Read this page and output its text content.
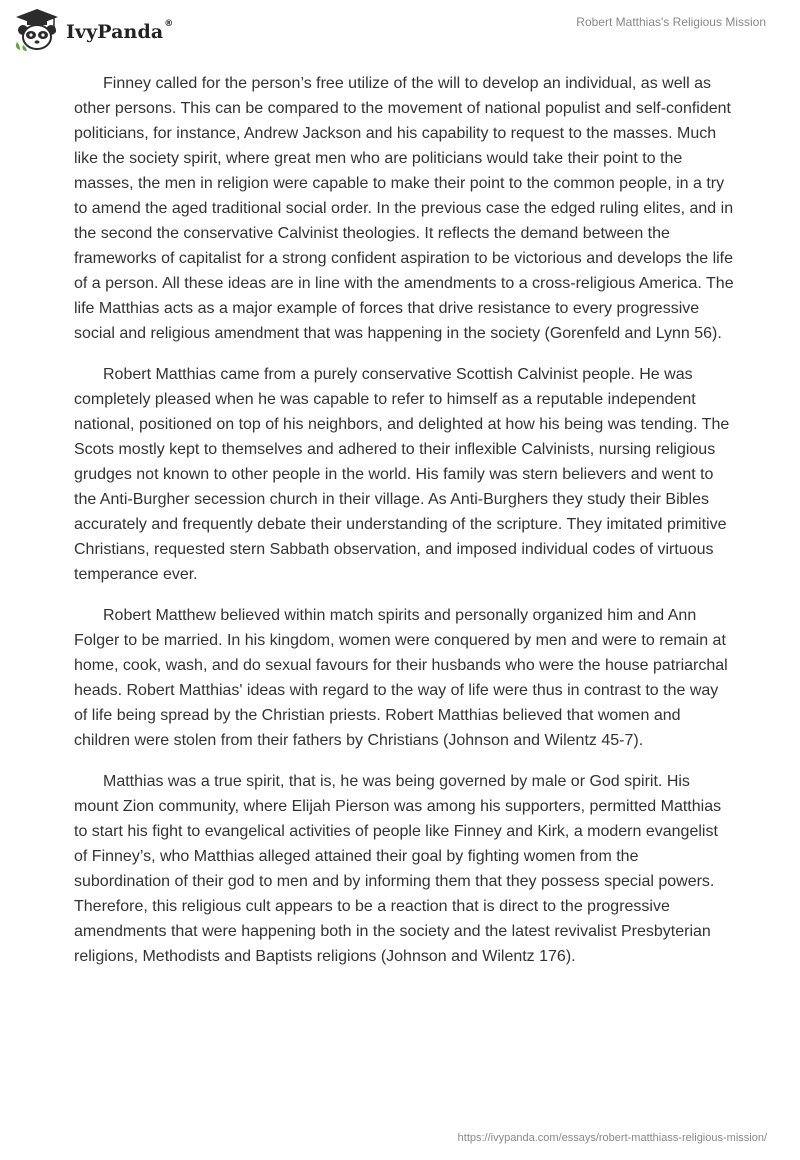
IvyPanda®	Robert Matthias's Religious Mission

Finney called for the person’s free utilize of the will to develop an individual, as well as other persons. This can be compared to the movement of national populist and self-confident politicians, for instance, Andrew Jackson and his capability to request to the masses. Much like the society spirit, where great men who are politicians would take their point to the masses, the men in religion were capable to make their point to the common people, in a try to amend the aged traditional social order. In the previous case the edged ruling elites, and in the second the conservative Calvinist theologies. It reflects the demand between the frameworks of capitalist for a strong confident aspiration to be victorious and develops the life of a person. All these ideas are in line with the amendments to a cross-religious America. The life Matthias acts as a major example of forces that drive resistance to every progressive social and religious amendment that was happening in the society (Gorenfeld and Lynn 56).

Robert Matthias came from a purely conservative Scottish Calvinist people. He was completely pleased when he was capable to refer to himself as a reputable independent national, positioned on top of his neighbors, and delighted at how his being was tending. The Scots mostly kept to themselves and adhered to their inflexible Calvinists, nursing religious grudges not known to other people in the world. His family was stern believers and went to the Anti-Burgher secession church in their village. As Anti-Burghers they study their Bibles accurately and frequently debate their understanding of the scripture. They imitated primitive Christians, requested stern Sabbath observation, and imposed individual codes of virtuous temperance ever.

Robert Matthew believed within match spirits and personally organized him and Ann Folger to be married. In his kingdom, women were conquered by men and were to remain at home, cook, wash, and do sexual favours for their husbands who were the house patriarchal heads. Robert Matthias' ideas with regard to the way of life were thus in contrast to the way of life being spread by the Christian priests. Robert Matthias believed that women and children were stolen from their fathers by Christians (Johnson and Wilentz 45-7).

Matthias was a true spirit, that is, he was being governed by male or God spirit. His mount Zion community, where Elijah Pierson was among his supporters, permitted Matthias to start his fight to evangelical activities of people like Finney and Kirk, a modern evangelist of Finney’s, who Matthias alleged attained their goal by fighting women from the subordination of their god to men and by informing them that they possess special powers. Therefore, this religious cult appears to be a reaction that is direct to the progressive amendments that were happening both in the society and the latest revivalist Presbyterian religions, Methodists and Baptists religions (Johnson and Wilentz 176).

https://ivypanda.com/essays/robert-matthiass-religious-mission/
